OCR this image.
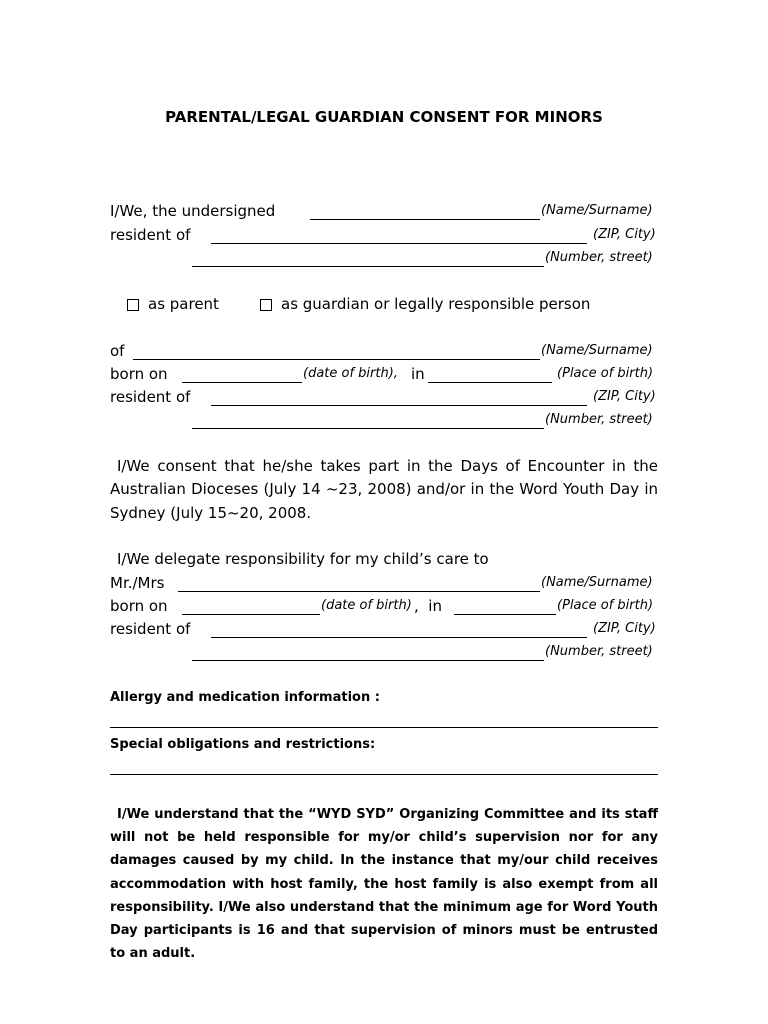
PARENTAL/LEGAL GUARDIAN CONSENT FOR MINORS
I/We, the undersigned	(Name/Surname)
resident of	(ZIP, City)
(Number, street)
as parent	as guardian or legally responsible person
of	(Name/Surname)
born on	(date of birth), in	(Place of birth)
resident of	(ZIP, City)
(Number, street)
I/We consent that he/she takes part in the Days of Encounter in the Australian Dioceses (July 14 ~23, 2008) and/or in the Word Youth Day in Sydney (July 15~20, 2008.
I/We delegate responsibility for my child’s care to
Mr./Mrs	(Name/Surname)
born on	(date of birth) ,  in	(Place of birth)
resident of	(ZIP, City)
(Number, street)
Allergy and medication information :
Special obligations and restrictions:
I/We understand that the “WYD SYD” Organizing Committee and its staff will not be held responsible for my/or child’s supervision nor for any damages caused by my child. In the instance that my/our child receives accommodation with host family, the host family is also exempt from all responsibility. I/We also understand that the minimum age for Word Youth Day participants is 16 and that supervision of minors must be entrusted to an adult.
